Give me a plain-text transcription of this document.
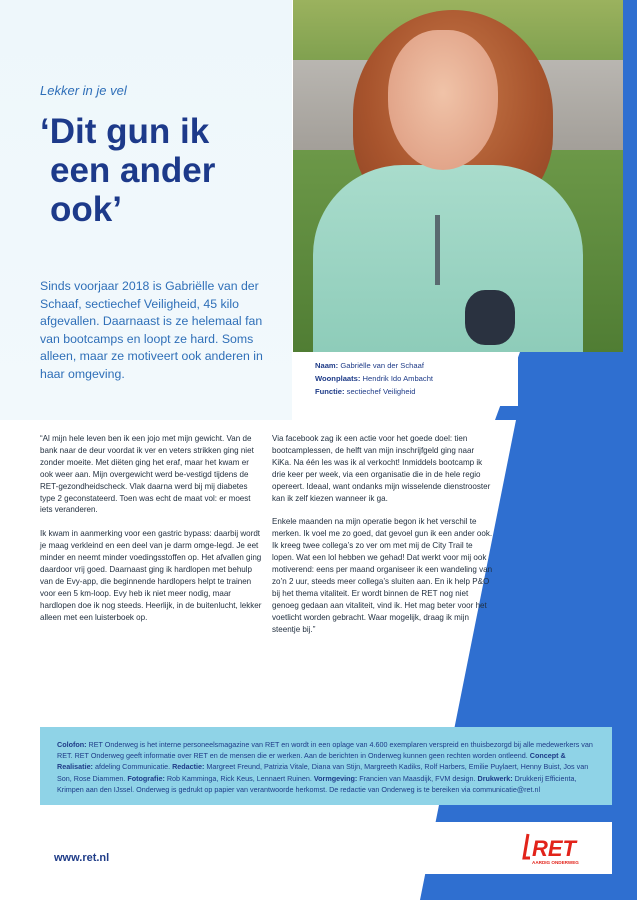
Naam: Gabriëlle van der Schaaf
Woonplaats: Hendrik Ido Ambacht
Functie: sectiechef Veiligheid
Lekker in je vel
‘Dit gun ik
een ander
ook’
Sinds voorjaar 2018 is Gabriëlle van der Schaaf, sectiechef Veiligheid, 45 kilo afgevallen. Daarnaast is ze helemaal fan van bootcamps en loopt ze hard. Soms alleen, maar ze motiveert ook anderen in haar omgeving.

“Al mijn hele leven ben ik een jojo met mijn gewicht. Van de bank naar de deur voordat ik ver en veters strikken ging niet zonder moeite. Met diëten ging het eraf, maar het kwam er ook weer aan. Mijn overgewicht werd be-vestigd tijdens de RET-gezondheidscheck. Vlak daarna werd bij mij diabetes type 2 geconstateerd. Toen was echt de maat vol: er moest iets veranderen.

Ik kwam in aanmerking voor een gastric bypass: daarbij wordt je maag verkleind en een deel van je darm omge-legd. Je eet minder en neemt minder voedingsstoffen op. Het afvallen ging daardoor vrij goed. Daarnaast ging ik hardlopen met behulp van de Evy-app, die beginnende hardlopers helpt te trainen voor een 5 km-loop. Evy heb ik niet meer nodig, maar hardlopen doe ik nog steeds. Heerlijk, in de buitenlucht, lekker alleen met een luisterboek op.

Via facebook zag ik een actie voor het goede doel: tien bootcamplessen, de helft van mijn inschrijfgeld ging naar KiKa. Na één les was ik al verkocht! Inmiddels bootcamp ik drie keer per week, via een organisatie die in de hele regio opereert. Ideaal, want ondanks mijn wisselende dienstrooster kan ik zelf kiezen wanneer ik ga.

Enkele maanden na mijn operatie begon ik het verschil te merken. Ik voel me zo goed, dat gevoel gun ik een ander ook. Ik kreeg twee collega’s zo ver om met mij de City Trail te lopen. Wat een lol hebben we gehad! Dat werkt voor mij ook motiverend: eens per maand organiseer ik een wandeling van zo’n 2 uur, steeds meer collega’s sluiten aan. En ik help P&O bij het thema vitaliteit. Er wordt binnen de RET nog niet genoeg gedaan aan vitaliteit, vind ik. Het mag beter voor het voetlicht worden gebracht. Waar mogelijk, draag ik mijn steentje bij.”

Colofon: RET Onderweg is het interne personeelsmagazine van RET en wordt in een oplage van 4.600 exemplaren verspreid en thuisbezorgd bij alle medewerkers van RET. RET Onderweg geeft informatie over RET en de mensen die er werken. Aan de berichten in Onderweg kunnen geen rechten worden ontleend. Concept & Realisatie: afdeling Communicatie. Redactie: Margreet Freund, Patrizia Vitale, Diana van Stijn, Margreeth Kadiks, Rolf Harbers, Emilie Puylaert, Henny Buist, Jos van Son, Rose Diammen. Fotografie: Rob Kamminga, Rick Keus, Lennaert Ruinen. Vormgeving: Francien van Maasdijk, FVM design. Drukwerk: Drukkerij Efficienta, Krimpen aan den IJssel. Onderweg is gedrukt op papier van verantwoorde herkomst. De redactie van Onderweg is te bereiken via communicatie@ret.nl
www.ret.nl	RET
AARDIG ONDERWEG
